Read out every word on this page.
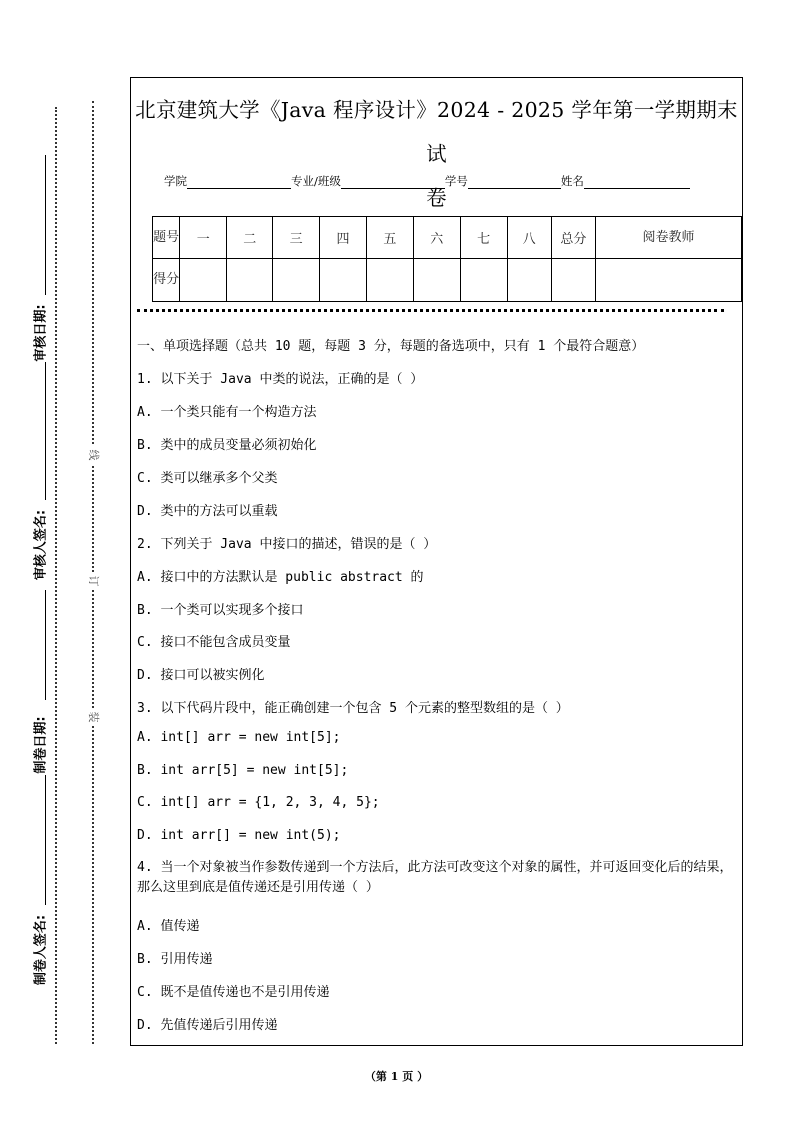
审核日期:
审核人签名:
制卷日期:
制卷人签名:
线
订
装
北京建筑大学《Java 程序设计》2024 - 2025 学年第一学期期末试
卷
学院	专业/班级	学号	姓名
题号	一	二	三	四	五	六	七	八	总分	阅卷教师
得分										
一、单项选择题（总共 10 题，每题 3 分，每题的备选项中，只有 1 个最符合题意）
1. 以下关于 Java 中类的说法，正确的是（ ）
A. 一个类只能有一个构造方法
B. 类中的成员变量必须初始化
C. 类可以继承多个父类
D. 类中的方法可以重载
2. 下列关于 Java 中接口的描述，错误的是（ ）
A. 接口中的方法默认是 public abstract 的
B. 一个类可以实现多个接口
C. 接口不能包含成员变量
D. 接口可以被实例化
3. 以下代码片段中，能正确创建一个包含 5 个元素的整型数组的是（ ）
A. int[] arr = new int[5];
B. int arr[5] = new int[5];
C. int[] arr = {1, 2, 3, 4, 5};
D. int arr[] = new int(5);
4. 当一个对象被当作参数传递到一个方法后，此方法可改变这个对象的属性，并可返回变化后的结果，那么这里到底是值传递还是引用传递（ ）
A. 值传递
B. 引用传递
C. 既不是值传递也不是引用传递
D. 先值传递后引用传递
（第 1 页 ）
